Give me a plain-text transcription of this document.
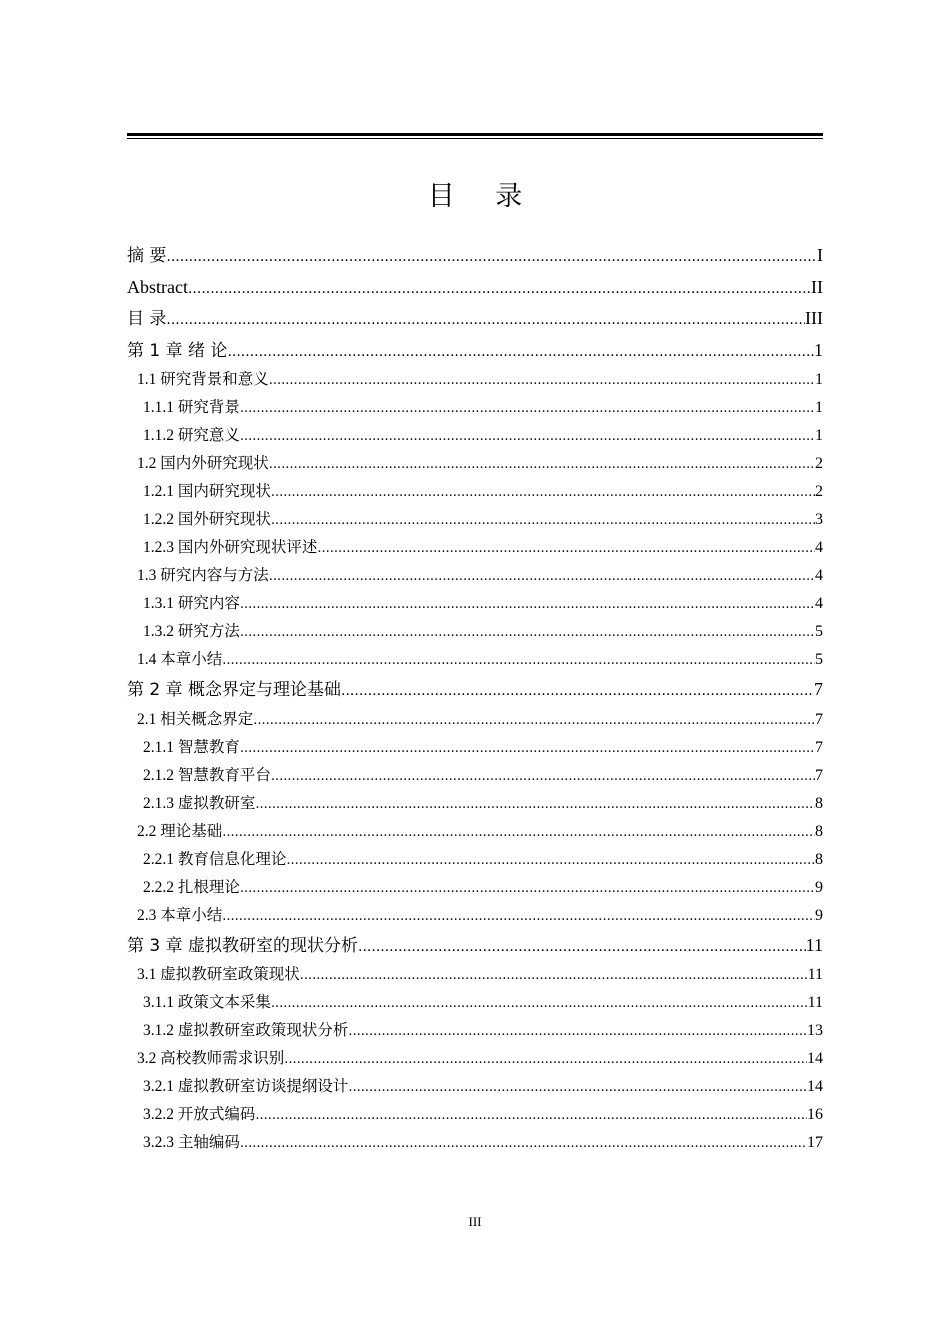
目 录
摘 要 .....	I
Abstract .....	II
目 录 .....	III
第 1 章 绪 论 .....	1
1.1 研究背景和意义 .....	1
1.1.1 研究背景 .....	1
1.1.2 研究意义 .....	1
1.2 国内外研究现状 .....	2
1.2.1 国内研究现状 .....	2
1.2.2 国外研究现状 .....	3
1.2.3 国内外研究现状评述 .....	4
1.3 研究内容与方法 .....	4
1.3.1 研究内容 .....	4
1.3.2 研究方法 .....	5
1.4 本章小结 .....	5
第 2 章 概念界定与理论基础 .....	7
2.1 相关概念界定 .....	7
2.1.1 智慧教育 .....	7
2.1.2 智慧教育平台 .....	7
2.1.3 虚拟教研室 .....	8
2.2 理论基础 .....	8
2.2.1 教育信息化理论 .....	8
2.2.2 扎根理论 .....	9
2.3 本章小结 .....	9
第 3 章 虚拟教研室的现状分析 .....	11
3.1 虚拟教研室政策现状 .....	11
3.1.1 政策文本采集 .....	11
3.1.2 虚拟教研室政策现状分析 .....	13
3.2 高校教师需求识别 .....	14
3.2.1 虚拟教研室访谈提纲设计 .....	14
3.2.2 开放式编码 .....	16
3.2.3 主轴编码 .....	17
III
